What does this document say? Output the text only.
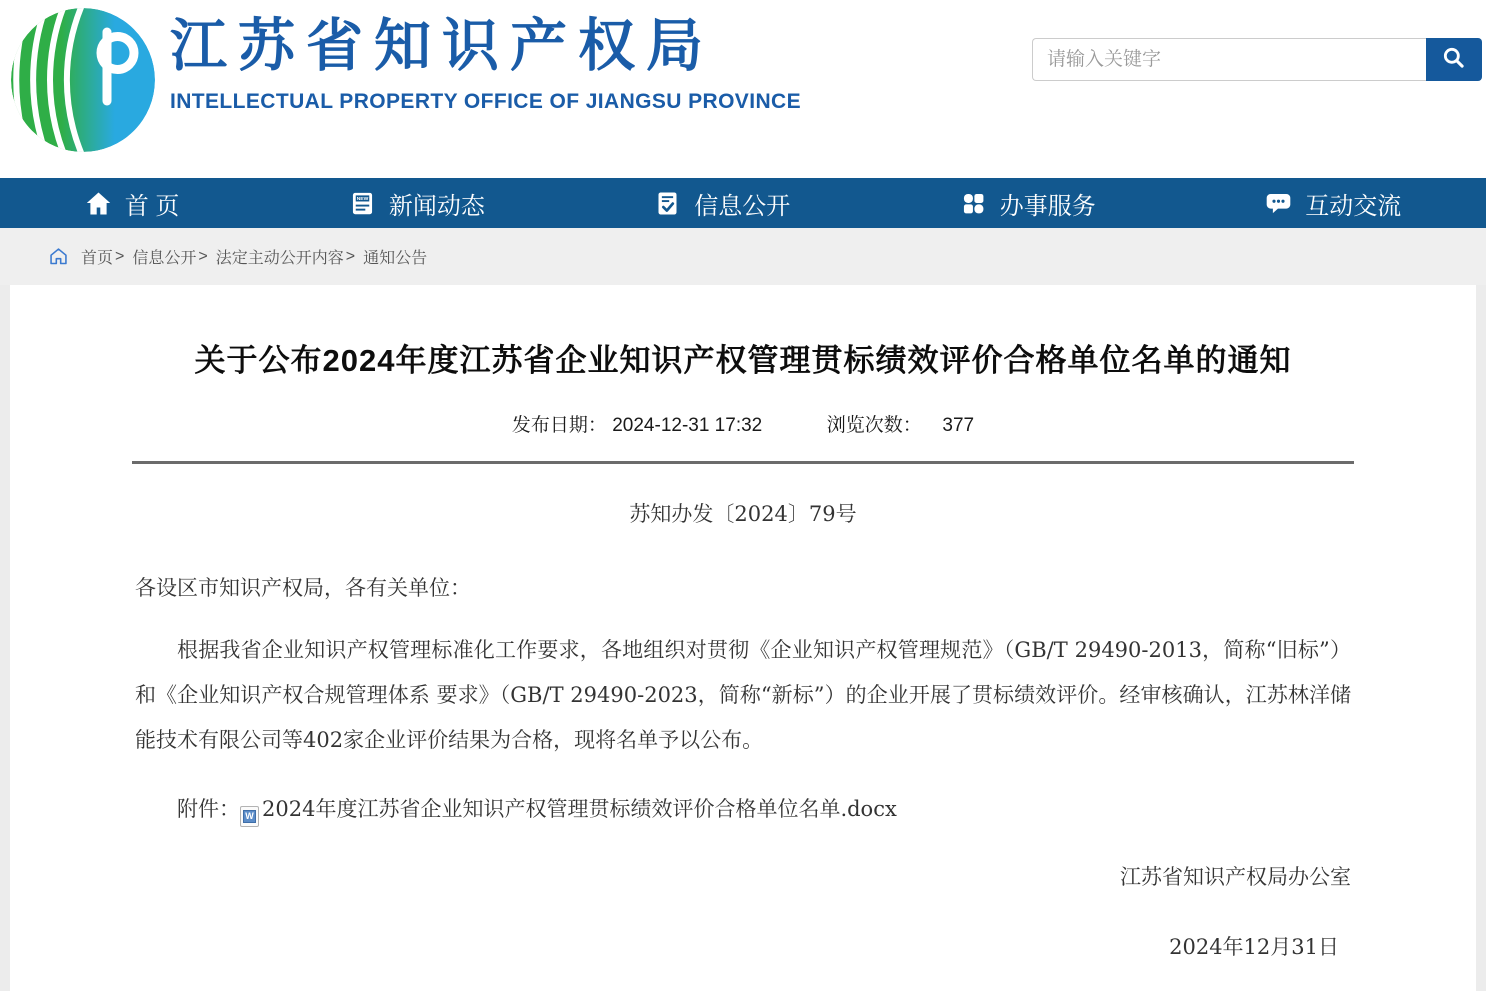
江苏省知识产权局
INTELLECTUAL PROPERTY OFFICE OF JIANGSU PROVINCE
请输入关键字
首 页	NEW 新闻动态	信息公开	办事服务	互动交流
首页 > 信息公开 > 法定主动公开内容 > 通知公告
关于公布2024年度江苏省企业知识产权管理贯标绩效评价合格单位名单的通知
发布日期： 2024-12-31 17:32	浏览次数： 377
苏知办发〔2024〕79号

各设区市知识产权局，各有关单位：

根据我省企业知识产权管理标准化工作要求，各地组织对贯彻《企业知识产权管理规范》（GB/T 29490-2013，简称“旧标”）和《企业知识产权合规管理体系 要求》（GB/T 29490-2023，简称“新标”）的企业开展了贯标绩效评价。经审核确认，江苏林洋储能技术有限公司等402家企业评价结果为合格，现将名单予以公布。

附件： W 2024年度江苏省企业知识产权管理贯标绩效评价合格单位名单.docx

江苏省知识产权局办公室

2024年12月31日
